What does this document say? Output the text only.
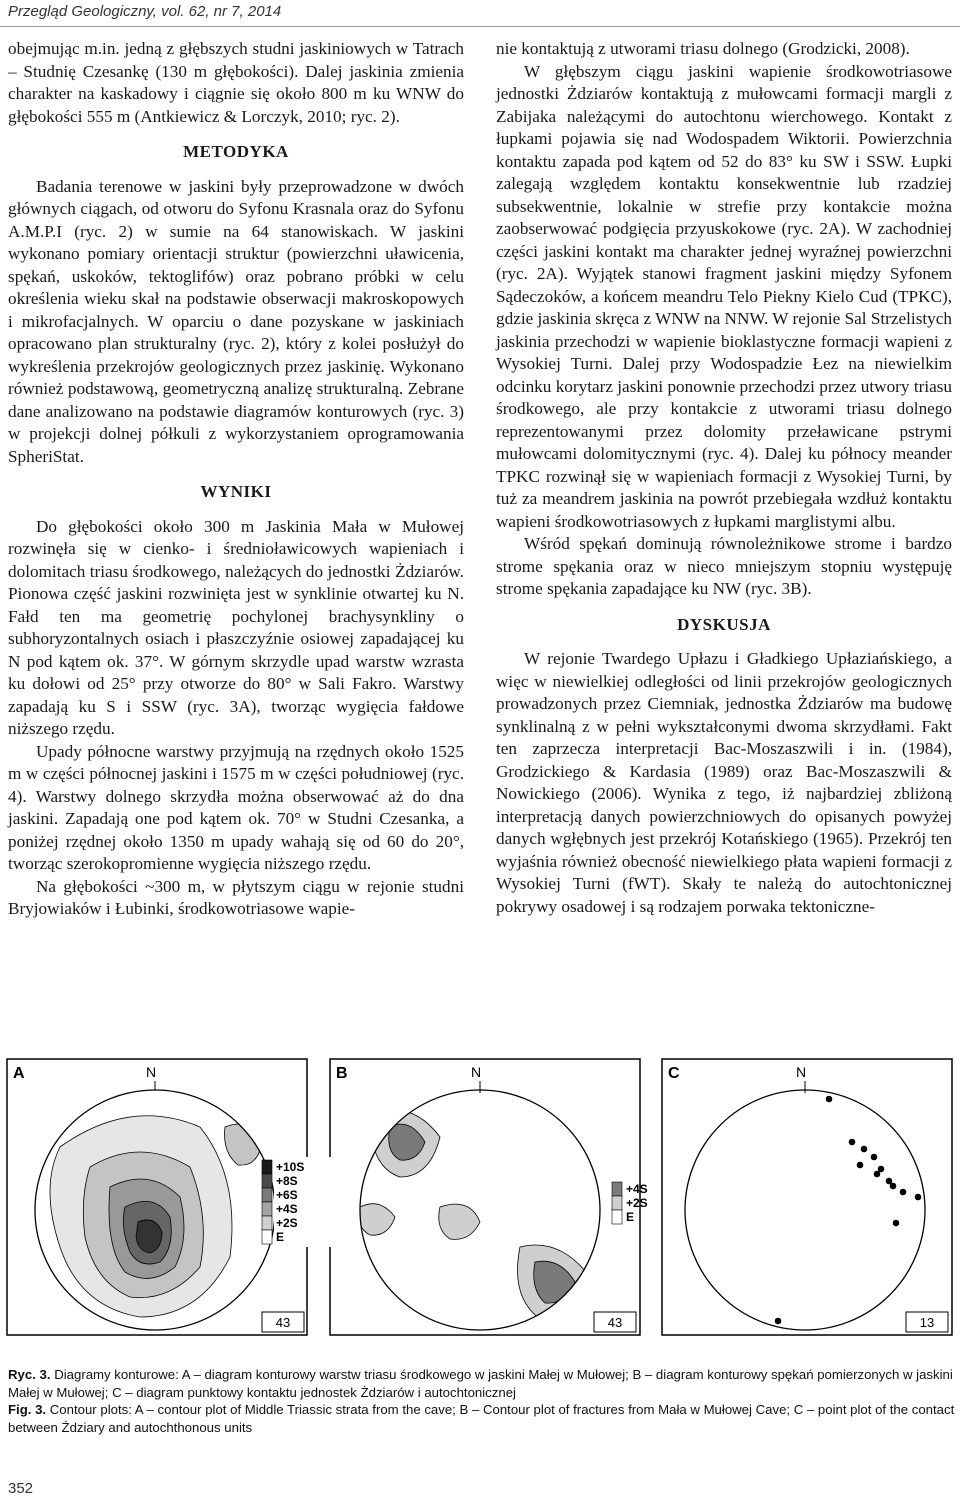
Przegląd Geologiczny, vol. 62, nr 7, 2014

obejmując m.in. jedną z głębszych studni jaskiniowych w Tatrach – Studnię Czesankę (130 m głębokości). Dalej jaskinia zmienia charakter na kaskadowy i ciągnie się około 800 m ku WNW do głębokości 555 m (Antkiewicz & Lorczyk, 2010; ryc. 2).

METODYKA

Badania terenowe w jaskini były przeprowadzone w dwóch głównych ciągach, od otworu do Syfonu Krasnala oraz do Syfonu A.M.P.I (ryc. 2) w sumie na 64 stanowiskach. W jaskini wykonano pomiary orientacji struktur (powierzchni uławicenia, spękań, uskoków, tektoglifów) oraz pobrano próbki w celu określenia wieku skał na podstawie obserwacji makroskopowych i mikrofacjalnych. W oparciu o dane pozyskane w jaskiniach opracowano plan strukturalny (ryc. 2), który z kolei posłużył do wykreślenia przekrojów geologicznych przez jaskinię. Wykonano również podstawową, geometryczną analizę strukturalną. Zebrane dane analizowano na podstawie diagramów konturowych (ryc. 3) w projekcji dolnej półkuli z wykorzystaniem oprogramowania SpheriStat.

WYNIKI

Do głębokości około 300 m Jaskinia Mała w Mułowej rozwinęła się w cienko- i średnioławicowych wapieniach i dolomitach triasu środkowego, należących do jednostki Żdziarów. Pionowa część jaskini rozwinięta jest w synklinie otwartej ku N. Fałd ten ma geometrię pochylonej brachysynkliny o subhoryzontalnych osiach i płaszczyźnie osiowej zapadającej ku N pod kątem ok. 37°. W górnym skrzydle upad warstw wzrasta ku dołowi od 25° przy otworze do 80° w Sali Fakro. Warstwy zapadają ku S i SSW (ryc. 3A), tworząc wygięcia fałdowe niższego rzędu.

Upady północne warstwy przyjmują na rzędnych około 1525 m w części północnej jaskini i 1575 m w części południowej (ryc. 4). Warstwy dolnego skrzydła można obserwować aż do dna jaskini. Zapadają one pod kątem ok. 70° w Studni Czesanka, a poniżej rzędnej około 1350 m upady wahają się od 60 do 20°, tworząc szerokopromienne wygięcia niższego rzędu.

Na głębokości ~300 m, w płytszym ciągu w rejonie studni Bryjowiaków i Łubinki, środkowotriasowe wapie-

nie kontaktują z utworami triasu dolnego (Grodzicki, 2008).

W głębszym ciągu jaskini wapienie środkowotriasowe jednostki Żdziarów kontaktują z mułowcami formacji margli z Zabijaka należącymi do autochtonu wierchowego. Kontakt z łupkami pojawia się nad Wodospadem Wiktorii. Powierzchnia kontaktu zapada pod kątem od 52 do 83° ku SW i SSW. Łupki zalegają względem kontaktu konsekwentnie lub rzadziej subsekwentnie, lokalnie w strefie przy kontakcie można zaobserwować podgięcia przyuskokowe (ryc. 2A). W zachodniej części jaskini kontakt ma charakter jednej wyraźnej powierzchni (ryc. 2A). Wyjątek stanowi fragment jaskini między Syfonem Sądeczoków, a końcem meandru Telo Piekny Kielo Cud (TPKC), gdzie jaskinia skręca z WNW na NNW. W rejonie Sal Strzelistych jaskinia przechodzi w wapienie bioklastyczne formacji wapieni z Wysokiej Turni. Dalej przy Wodospadzie Łez na niewielkim odcinku korytarz jaskini ponownie przechodzi przez utwory triasu środkowego, ale przy kontakcie z utworami triasu dolnego reprezentowanymi przez dolomity przeławicane pstrymi mułowcami dolomitycznymi (ryc. 4). Dalej ku północy meander TPKC rozwinął się w wapieniach formacji z Wysokiej Turni, by tuż za meandrem jaskinia na powrót przebiegała wzdłuż kontaktu wapieni środkowotriasowych z łupkami marglistymi albu.

Wśród spękań dominują równoleżnikowe strome i bardzo strome spękania oraz w nieco mniejszym stopniu występuję strome spękania zapadające ku NW (ryc. 3B).

DYSKUSJA

W rejonie Twardego Upłazu i Gładkiego Upłaziańskiego, a więc w niewielkiej odległości od linii przekrojów geologicznych prowadzonych przez Ciemniak, jednostka Żdziarów ma budowę synklinalną z w pełni wykształconymi dwoma skrzydłami. Fakt ten zaprzecza interpretacji Bac-Moszaszwili i in. (1984), Grodzickiego & Kardasia (1989) oraz Bac-Moszaszwili & Nowickiego (2006). Wynika z tego, iż najbardziej zbliżoną interpretacją danych powierzchniowych do opisanych powyżej danych wgłębnych jest przekrój Kotańskiego (1965). Przekrój ten wyjaśnia również obecność niewielkiego płata wapieni formacji z Wysokiej Turni (fWT). Skały te należą do autochtonicznej pokrywy osadowej i są rodzajem porwaka tektoniczne-

A	N
+10S
+8S
+6S
+4S
+2S
E
43
B	N
+4S
+2S
E
43
C	N
13

Ryc. 3. Diagramy konturowe: A – diagram konturowy warstw triasu środkowego w jaskini Małej w Mułowej; B – diagram konturowy spękań pomierzonych w jaskini Małej w Mułowej; C – diagram punktowy kontaktu jednostek Żdziarów i autochtonicznej

Fig. 3. Contour plots: A – contour plot of Middle Triassic strata from the cave; B – Contour plot of fractures from Mała w Mułowej Cave; C – point plot of the contact between Ździary and autochthonous units

352
